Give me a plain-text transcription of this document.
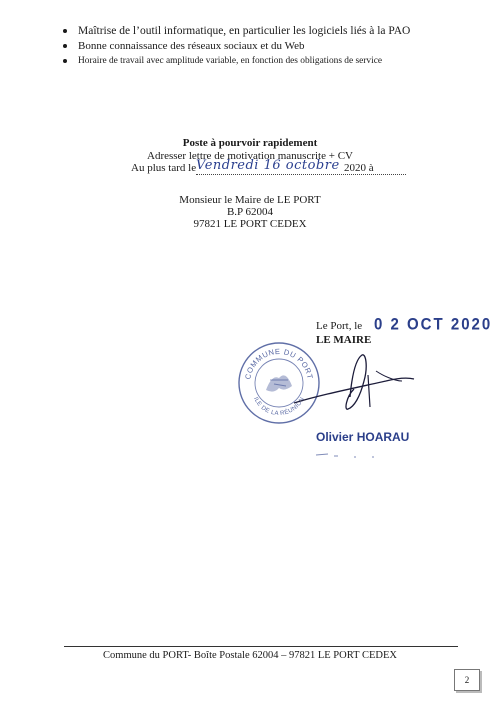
Maîtrise de l’outil informatique, en particulier les logiciels liés à la PAO
Bonne connaissance des réseaux sociaux et du Web
Horaire de travail avec amplitude variable, en fonction des obligations de service
Poste à pourvoir rapidement
Adresser lettre de motivation manuscrite + CV
Au plus tard le Vendredi 16 octobre 2020 à
Monsieur le Maire de LE PORT
B.P 62004
97821 LE PORT CEDEX
Le Port, le 0 2 OCT 2020
LE MAIRE
COMMUNE DU PORT
ILE DE LA RÉUNION
Olivier HOARAU
Commune du PORT- Boîte Postale 62004 – 97821 LE PORT CEDEX
2
